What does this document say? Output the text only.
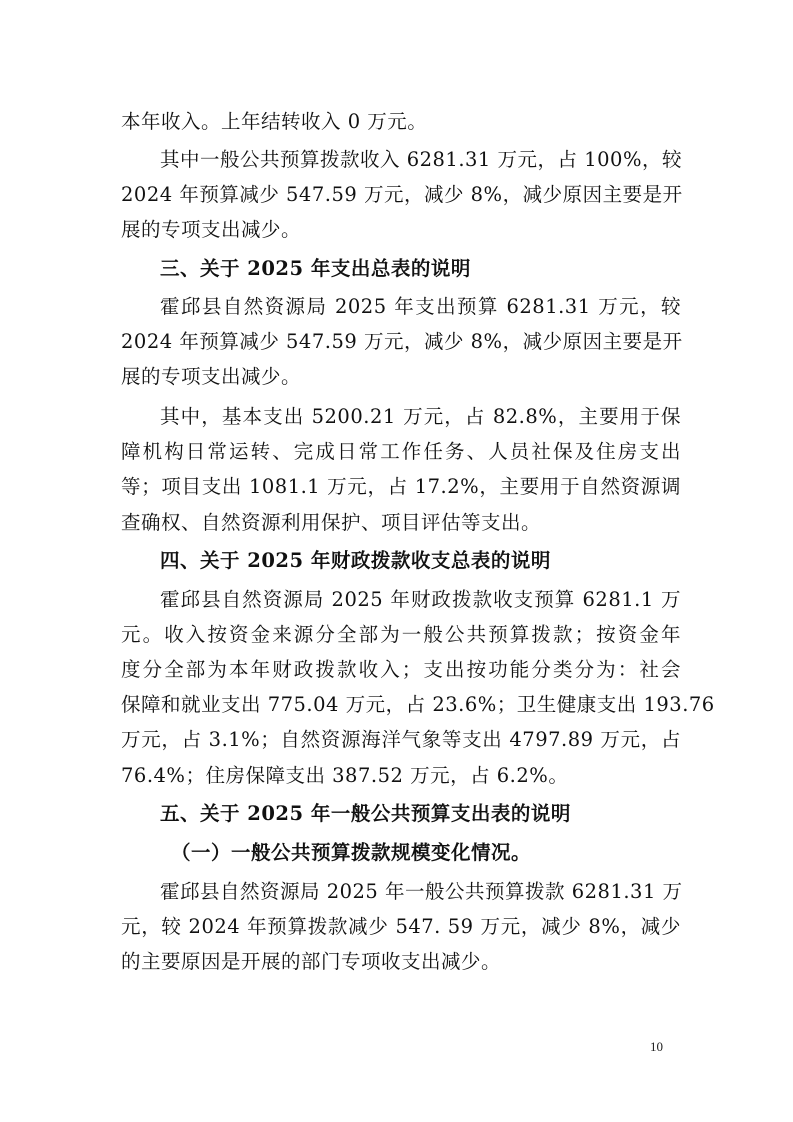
本年收入。上年结转收入 0 万元。
其中一般公共预算拨款收入 6281.31 万元，占 100%，较
2024 年预算减少 547.59 万元，减少 8%，减少原因主要是开
展的专项支出减少。
三、关于 2025 年支出总表的说明
霍邱县自然资源局 2025 年支出预算 6281.31 万元，较
2024 年预算减少 547.59 万元，减少 8%，减少原因主要是开
展的专项支出减少。
其中，基本支出 5200.21 万元，占 82.8%，主要用于保
障机构日常运转、完成日常工作任务、人员社保及住房支出
等；项目支出 1081.1 万元，占 17.2%，主要用于自然资源调
查确权、自然资源利用保护、项目评估等支出。
四、关于 2025 年财政拨款收支总表的说明
霍邱县自然资源局 2025 年财政拨款收支预算 6281.1 万
元。收入按资金来源分全部为一般公共预算拨款；按资金年
度分全部为本年财政拨款收入；支出按功能分类分为：社会
保障和就业支出 775.04 万元，占 23.6%；卫生健康支出 193.76
万元，占 3.1%；自然资源海洋气象等支出 4797.89 万元，占
76.4%；住房保障支出 387.52 万元，占 6.2%。
五、关于 2025 年一般公共预算支出表的说明
（一）一般公共预算拨款规模变化情况。
霍邱县自然资源局 2025 年一般公共预算拨款 6281.31 万
元，较 2024 年预算拨款减少 547. 59 万元，减少 8%，减少
的主要原因是开展的部门专项收支出减少。
10
